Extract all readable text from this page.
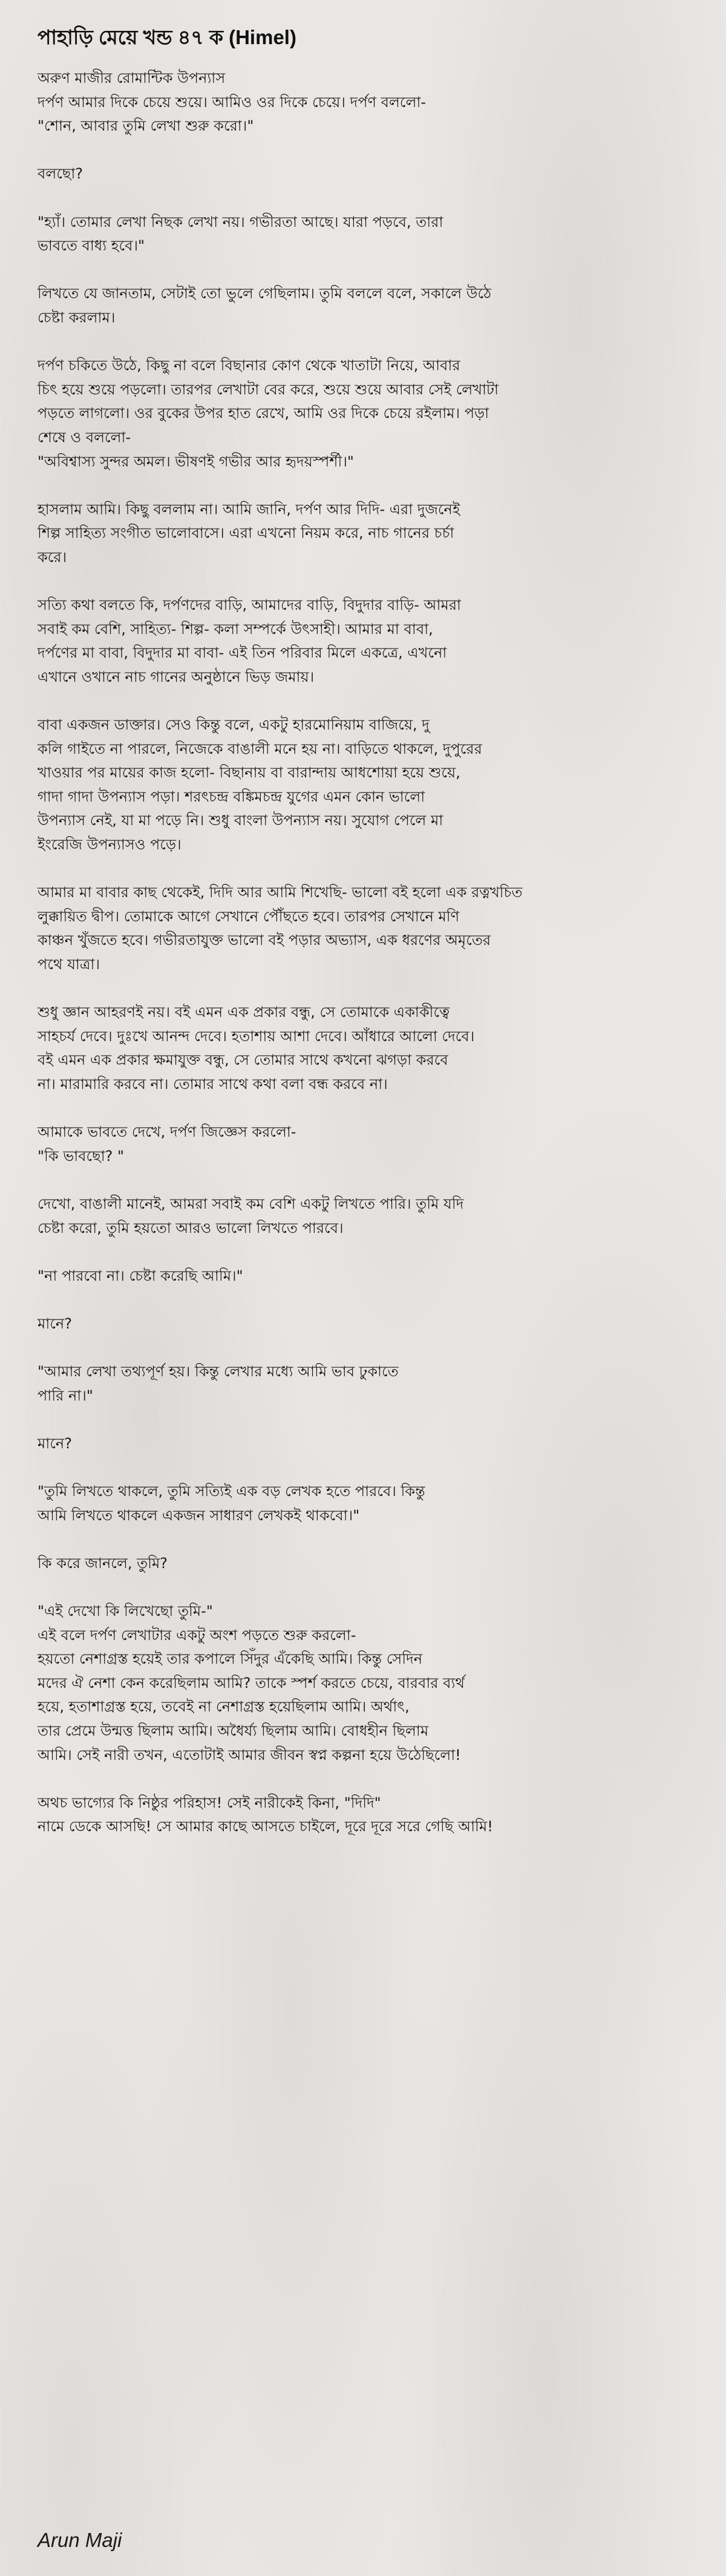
পাহাড়ি মেয়ে খন্ড ৪৭ ক (Himel)
অরুণ মাজীর রোমান্টিক উপন্যাস
দর্পণ আমার দিকে চেয়ে শুয়ে। আমিও ওর দিকে চেয়ে। দর্পণ বললো-
"শোন, আবার তুমি লেখা শুরু করো।"

বলছো?

"হ্যাঁ। তোমার লেখা নিছক লেখা নয়। গভীরতা আছে। যারা পড়বে, তারা
ভাবতে বাধ্য হবে।"

লিখতে যে জানতাম, সেটাই তো ভুলে গেছিলাম। তুমি বললে বলে, সকালে উঠে
চেষ্টা করলাম।

দর্পণ চকিতে উঠে, কিছু না বলে বিছানার কোণ থেকে খাতাটা নিয়ে, আবার
চিৎ হয়ে শুয়ে পড়লো। তারপর লেখাটা বের করে, শুয়ে শুয়ে আবার সেই লেখাটা
পড়তে লাগলো। ওর বুকের উপর হাত রেখে, আমি ওর দিকে চেয়ে রইলাম। পড়া
শেষে ও বললো-
"অবিশ্বাস্য সুন্দর অমল। ভীষণই গভীর আর হৃদয়স্পর্শী।"

হাসলাম আমি। কিছু বললাম না। আমি জানি, দর্পণ আর দিদি- এরা দুজনেই
শিল্প সাহিত্য সংগীত ভালোবাসে। এরা এখনো নিয়ম করে, নাচ গানের চর্চা
করে।

সত্যি কথা বলতে কি, দর্পণদের বাড়ি, আমাদের বাড়ি, বিদুদার বাড়ি- আমরা
সবাই কম বেশি, সাহিত্য- শিল্প- কলা সম্পর্কে উৎসাহী। আমার মা বাবা,
দর্পণের মা বাবা, বিদুদার মা বাবা- এই তিন পরিবার মিলে একত্রে, এখনো
এখানে ওখানে নাচ গানের অনুষ্ঠানে ভিড় জমায়।

বাবা একজন ডাক্তার। সেও কিন্তু বলে, একটু হারমোনিয়াম বাজিয়ে, দু
কলি গাইতে না পারলে, নিজেকে বাঙালী মনে হয় না। বাড়িতে থাকলে, দুপুরের
খাওয়ার পর মায়ের কাজ হলো- বিছানায় বা বারান্দায় আধশোয়া হয়ে শুয়ে,
গাদা গাদা উপন্যাস পড়া। শরৎচন্দ্র বঙ্কিমচন্দ্র যুগের এমন কোন ভালো
উপন্যাস নেই, যা মা পড়ে নি। শুধু বাংলা উপন্যাস নয়। সুযোগ পেলে মা
ইংরেজি উপন্যাসও পড়ে।

আমার মা বাবার কাছ থেকেই, দিদি আর আমি শিখেছি- ভালো বই হলো এক রত্নখচিত
লুক্কায়িত দ্বীপ। তোমাকে আগে সেখানে পৌঁছতে হবে। তারপর সেখানে মণি
কাঞ্চন খুঁজতে হবে। গভীরতাযুক্ত ভালো বই পড়ার অভ্যাস, এক ধরণের অমৃতের
পথে যাত্রা।

শুধু জ্ঞান আহরণই নয়। বই এমন এক প্রকার বন্ধু, সে তোমাকে একাকীত্বে
সাহচর্য দেবে। দুঃখে আনন্দ দেবে। হতাশায় আশা দেবে। আঁধারে আলো দেবে।
বই এমন এক প্রকার ক্ষমাযুক্ত বন্ধু, সে তোমার সাথে কখনো ঝগড়া করবে
না। মারামারি করবে না। তোমার সাথে কথা বলা বন্ধ করবে না।

আমাকে ভাবতে দেখে, দর্পণ জিজ্ঞেস করলো-
"কি ভাবছো? "

দেখো, বাঙালী মানেই, আমরা সবাই কম বেশি একটু লিখতে পারি। তুমি যদি
চেষ্টা করো, তুমি হয়তো আরও ভালো লিখতে পারবে।

"না পারবো না। চেষ্টা করেছি আমি।"

মানে?

"আমার লেখা তথ্যপূর্ণ হয়। কিন্তু লেখার মধ্যে আমি ভাব ঢুকাতে
পারি না।"

মানে?

"তুমি লিখতে থাকলে, তুমি সত্যিই এক বড় লেখক হতে পারবে। কিন্তু
আমি লিখতে থাকলে একজন সাধারণ লেখকই থাকবো।"

কি করে জানলে, তুমি?

"এই দেখো কি লিখেছো তুমি-"
এই বলে দর্পণ লেখাটার একটু অংশ পড়তে শুরু করলো-
হয়তো নেশাগ্রস্ত হয়েই তার কপালে সিঁদুর এঁকেছি আমি। কিন্তু সেদিন
মদের ঐ নেশা কেন করেছিলাম আমি? তাকে স্পর্শ করতে চেয়ে, বারবার ব্যর্থ
হয়ে, হতাশাগ্রস্ত হয়ে, তবেই না নেশাগ্রস্ত হয়েছিলাম আমি। অর্থাৎ,
তার প্রেমে উন্মত্ত ছিলাম আমি। অধৈর্য্য ছিলাম আমি। বোধহীন ছিলাম
আমি। সেই নারী তখন, এতোটাই আমার জীবন স্বপ্ন কল্পনা হয়ে উঠেছিলো!

অথচ ভাগ্যের কি নিষ্ঠুর পরিহাস! সেই নারীকেই কিনা, "দিদি"
নামে ডেকে আসছি! সে আমার কাছে আসতে চাইলে, দূরে দূরে সরে গেছি আমি!
Arun Maji
